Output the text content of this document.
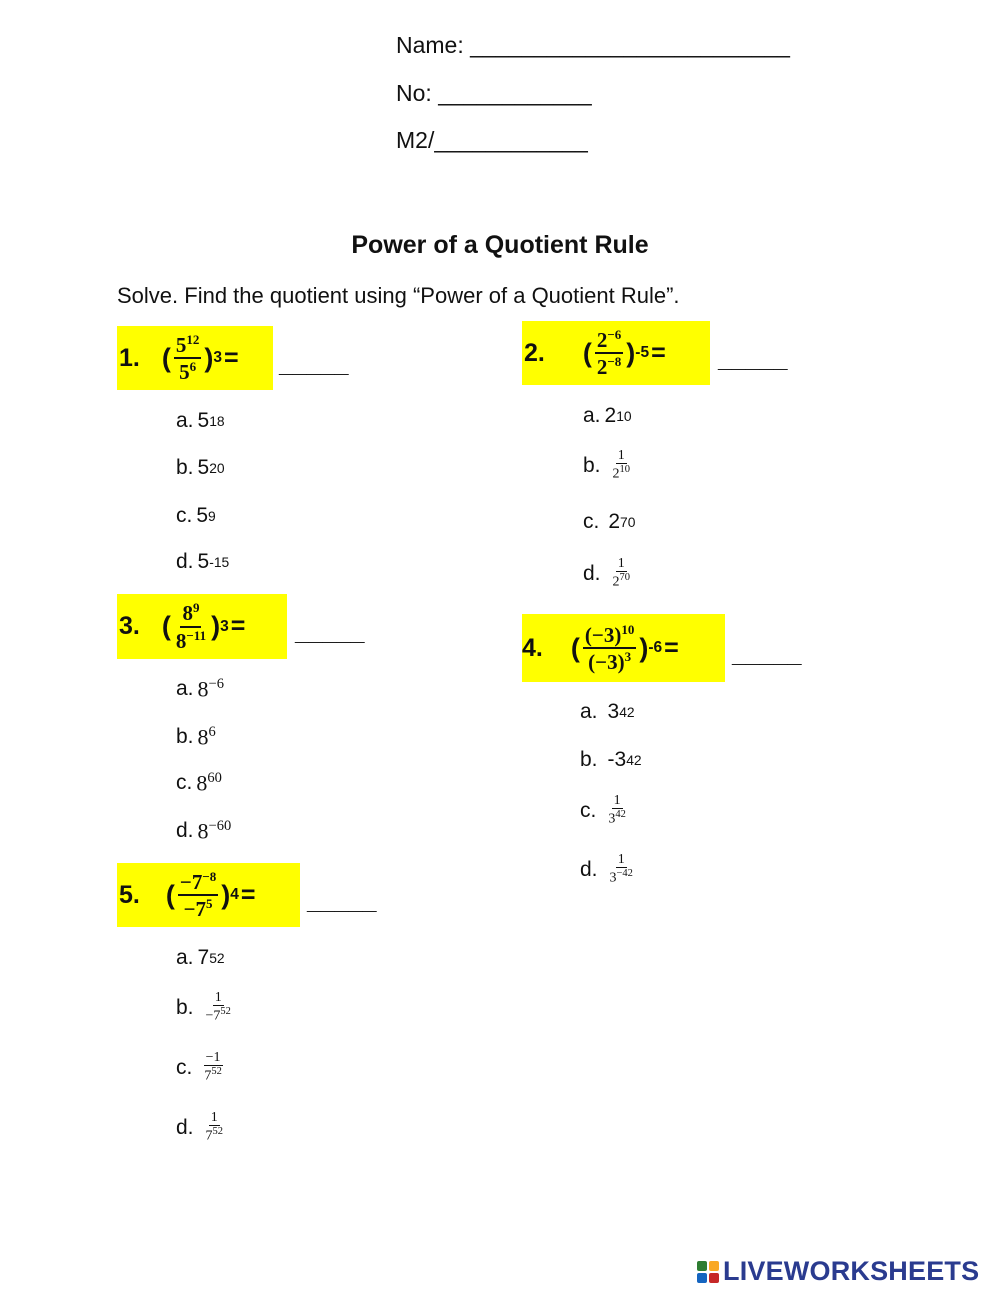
Name: _________________________
No: ____________
M2/____________
Power of a Quotient Rule
Solve. Find the quotient using “Power of a Quotient Rule”.
1. ( $\frac{5^{12}}{5^6}$ ) 3 = _____
a. 5 18
b. 5 20
c. 5 9
d. 5 -15
2. ( $\frac{2^{-6}}{2^{-8}}$ ) -5 = _____
a. 2 10
b. 1
$2^{10}$
c. 2 70
d. 1
$2^{70}$
3. ( $\frac{8^9}{8^{-11}}$ ) 3 = _____
a. $8^{-6}$
b. $8^6$
c. $8^{60}$
d. $8^{-60}$
4. ( $\frac{(-3)^{10}}{(-3)^3}$ ) -6 = _____
a. 3 42
b. -3 42
c. 1
$3^{42}$
d. 1
$3^{-42}$
5. ( $\frac{-7^{-8}}{-7^5}$ ) 4 = _____
a. 7 52
b. 1
$-7^{52}$
c. −1
$7^{52}$
d. 1
$7^{52}$
LIVEWORKSHEETS
